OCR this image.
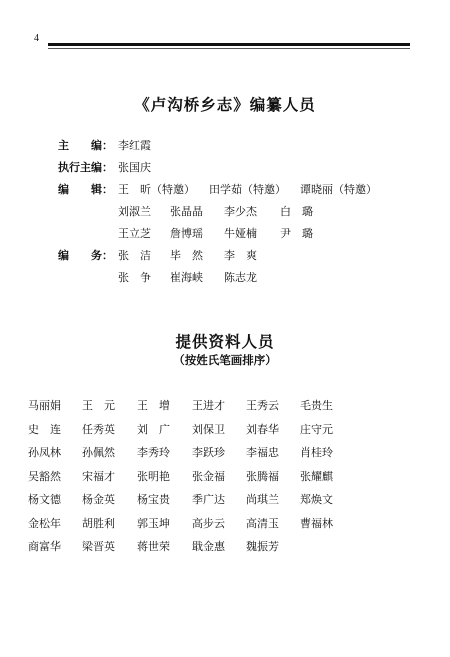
4
《卢沟桥乡志》编纂人员
主　　编： 李红霞
执行主编： 张国庆
编　　辑： 王　昕（特邀） 田学茹（特邀） 谭晓丽（特邀）
刘淑兰 张晶晶 李少杰 白　璐
王立芝 詹博瑶 牛娅楠 尹　璐
编　　务： 张　洁 毕　然 李　爽
张　争 崔海峡 陈志龙
提供资料人员
（按姓氏笔画排序）
马丽娟 王　元 王　增 王进才 王秀云 毛贵生
史　连 任秀英 刘　广 刘保卫 刘春华 庄守元
孙凤林 孙佩然 李秀玲 李跃珍 李福忠 肖桂玲
吴豁然 宋福才 张明艳 张金福 张腾福 张耀麒
杨文德 杨金英 杨宝贵 季广达 尚琪兰 郑焕文
金松年 胡胜利 郭玉坤 高步云 高清玉 曹福林
商富华 梁晋英 蒋世荣 戢金惠 魏振芳
